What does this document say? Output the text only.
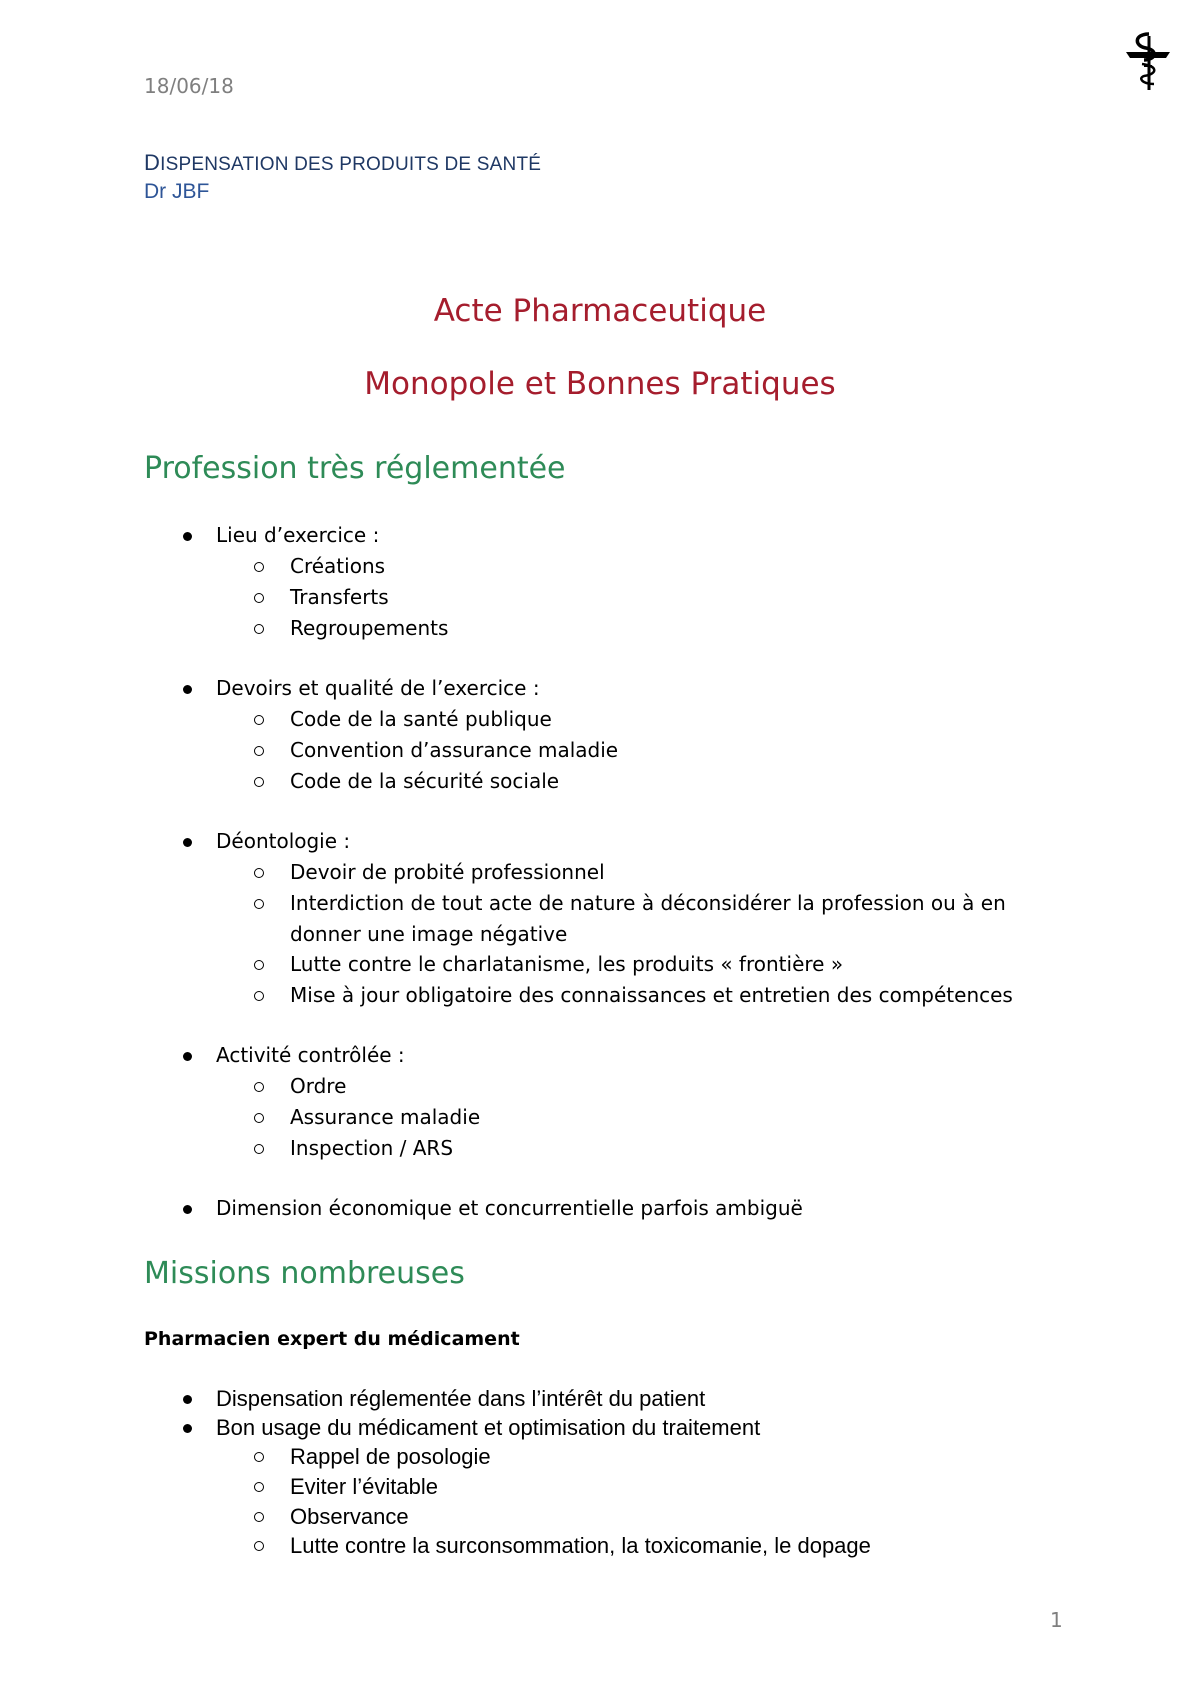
18/06/18
DISPENSATION DES PRODUITS DE SANTÉ
Dr JBF
Acte Pharmaceutique
Monopole et Bonnes Pratiques
Profession très réglementée
Lieu d’exercice :
Créations
Transferts
Regroupements
Devoirs et qualité de l’exercice :
Code de la santé publique
Convention d’assurance maladie
Code de la sécurité sociale
Déontologie :
Devoir de probité professionnel
Interdiction de tout acte de nature à déconsidérer la profession ou à en
donner une image négative
Lutte contre le charlatanisme, les produits « frontière »
Mise à jour obligatoire des connaissances et entretien des compétences
Activité contrôlée :
Ordre
Assurance maladie
Inspection / ARS
Dimension économique et concurrentielle parfois ambiguë
Missions nombreuses
Pharmacien expert du médicament
Dispensation réglementée dans l’intérêt du patient
Bon usage du médicament et optimisation du traitement
Rappel de posologie
Eviter l’évitable
Observance
Lutte contre la surconsommation, la toxicomanie, le dopage
1
